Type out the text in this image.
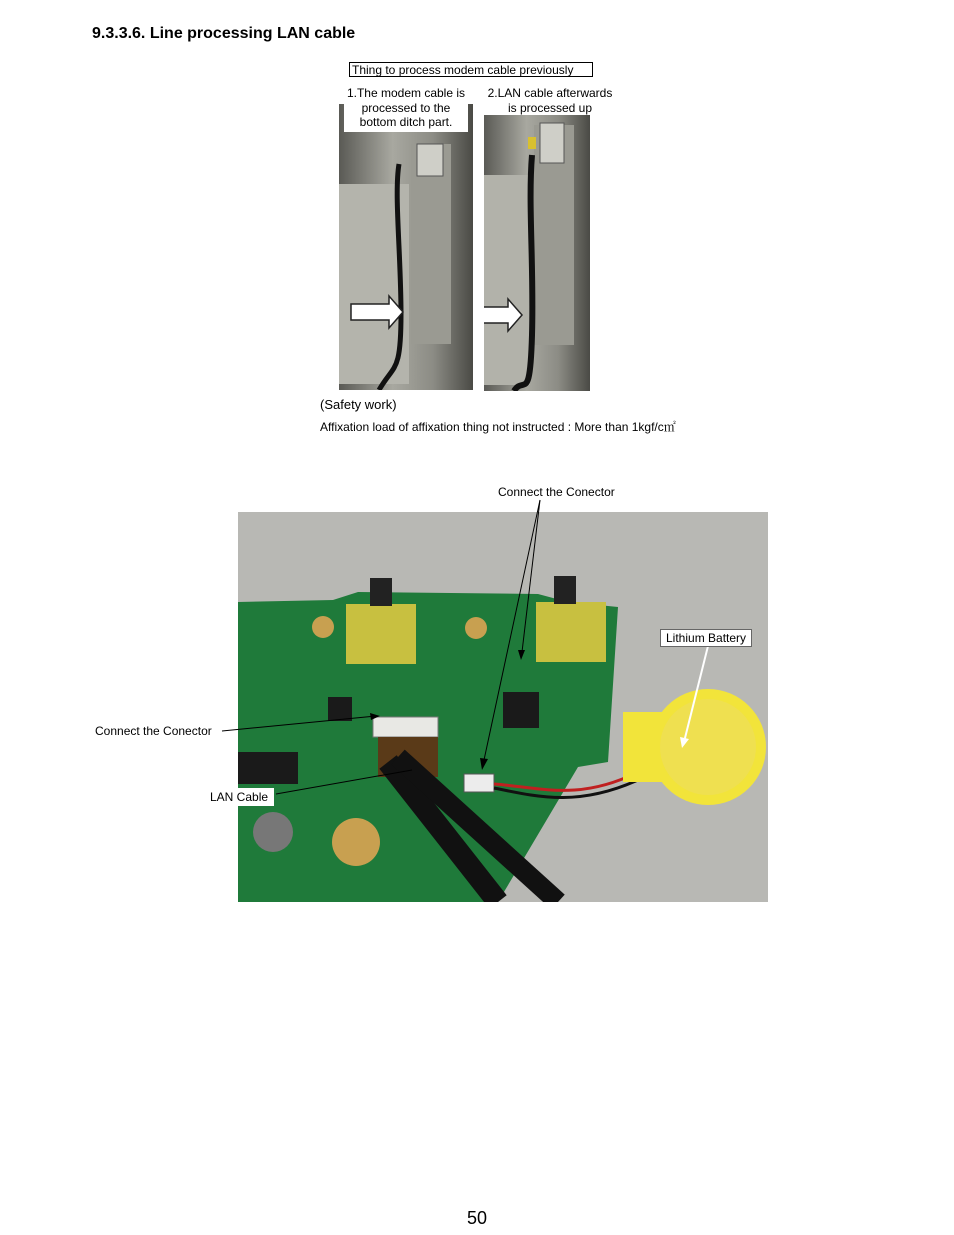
9.3.3.6. Line processing LAN cable
Thing to process modem cable previously
1.The modem cable is
processed to the
bottom ditch part.
2.LAN cable afterwards
is processed up
(Safety work)
Affixation load of affixation thing not instructed : More than 1kgf/c㎡
Connect the Conector
Lithium Battery
Connect the Conector
LAN Cable
50
